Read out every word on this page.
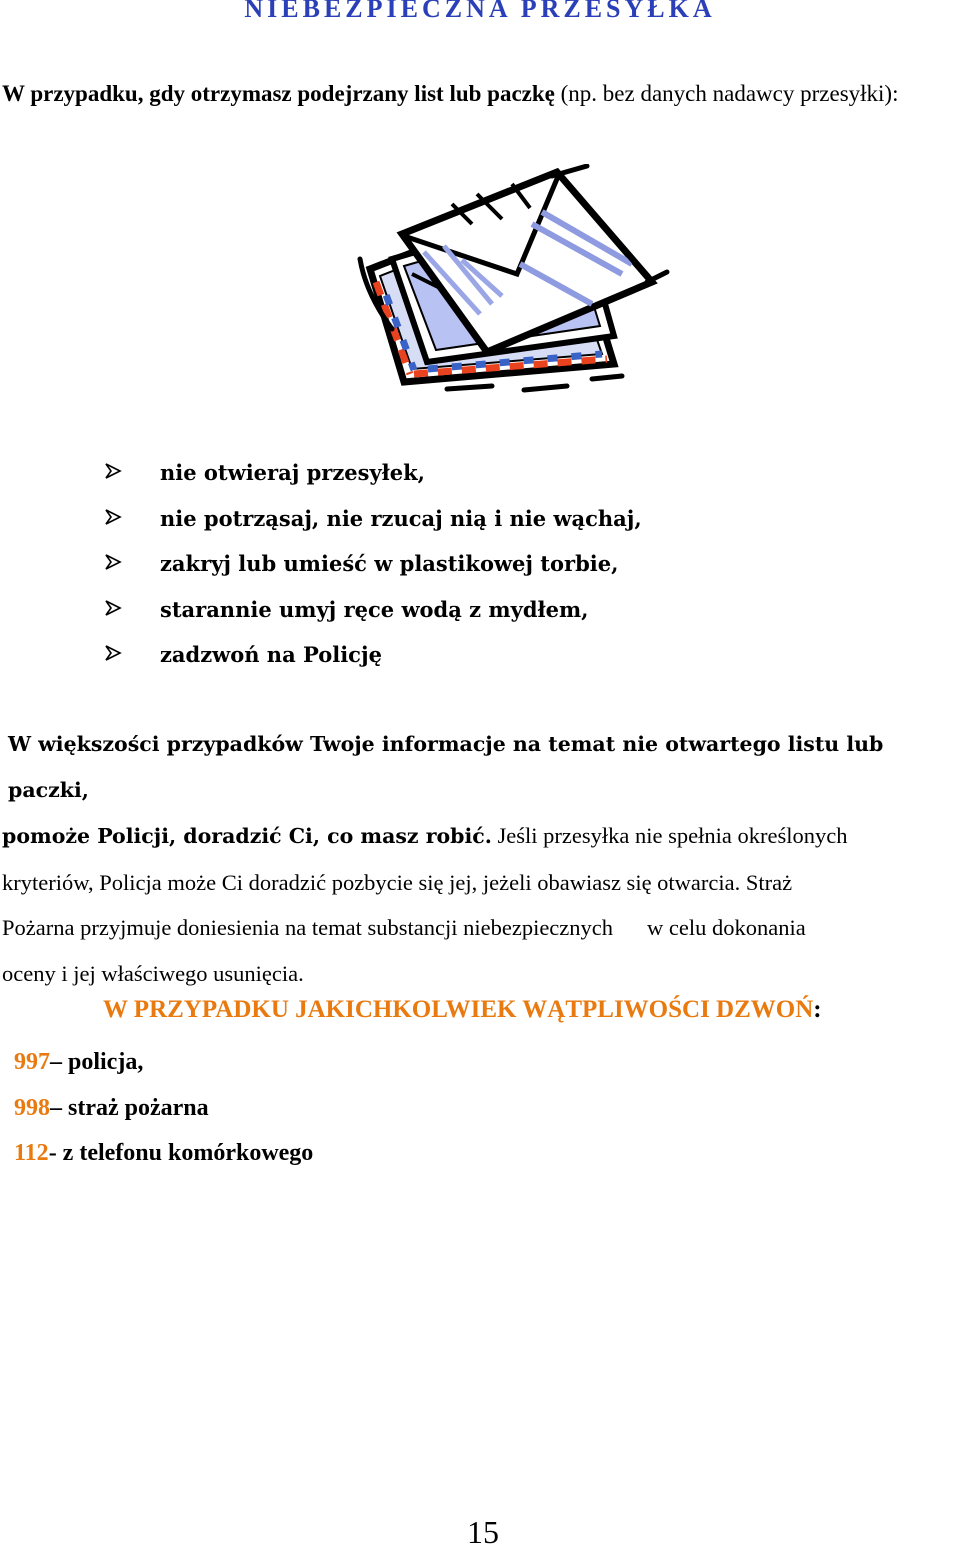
NIEBEZPIECZNA PRZESYŁKA
W przypadku, gdy otrzymasz podejrzany list lub paczkę (np. bez danych nadawcy przesyłki):
nie otwieraj przesyłek,
nie potrząsaj, nie rzucaj nią i nie wąchaj,
zakryj lub umieść w plastikowej torbie,
starannie umyj ręce wodą z mydłem,
zadzwoń na Policję
W większości przypadków Twoje informacje na temat nie otwartego listu lub paczki,
pomoże Policji, doradzić Ci, co masz robić. Jeśli przesyłka nie spełnia określonych
kryteriów, Policja może Ci doradzić pozbycie się jej, jeżeli obawiasz się otwarcia. Straż
Pożarna przyjmuje doniesienia na temat substancji niebezpiecznych w celu dokonania
oceny i jej właściwego usunięcia.
W PRZYPADKU JAKICHKOLWIEK WĄTPLIWOŚCI DZWOŃ:
997 – policja,
998 – straż pożarna
112 - z telefonu komórkowego
15
